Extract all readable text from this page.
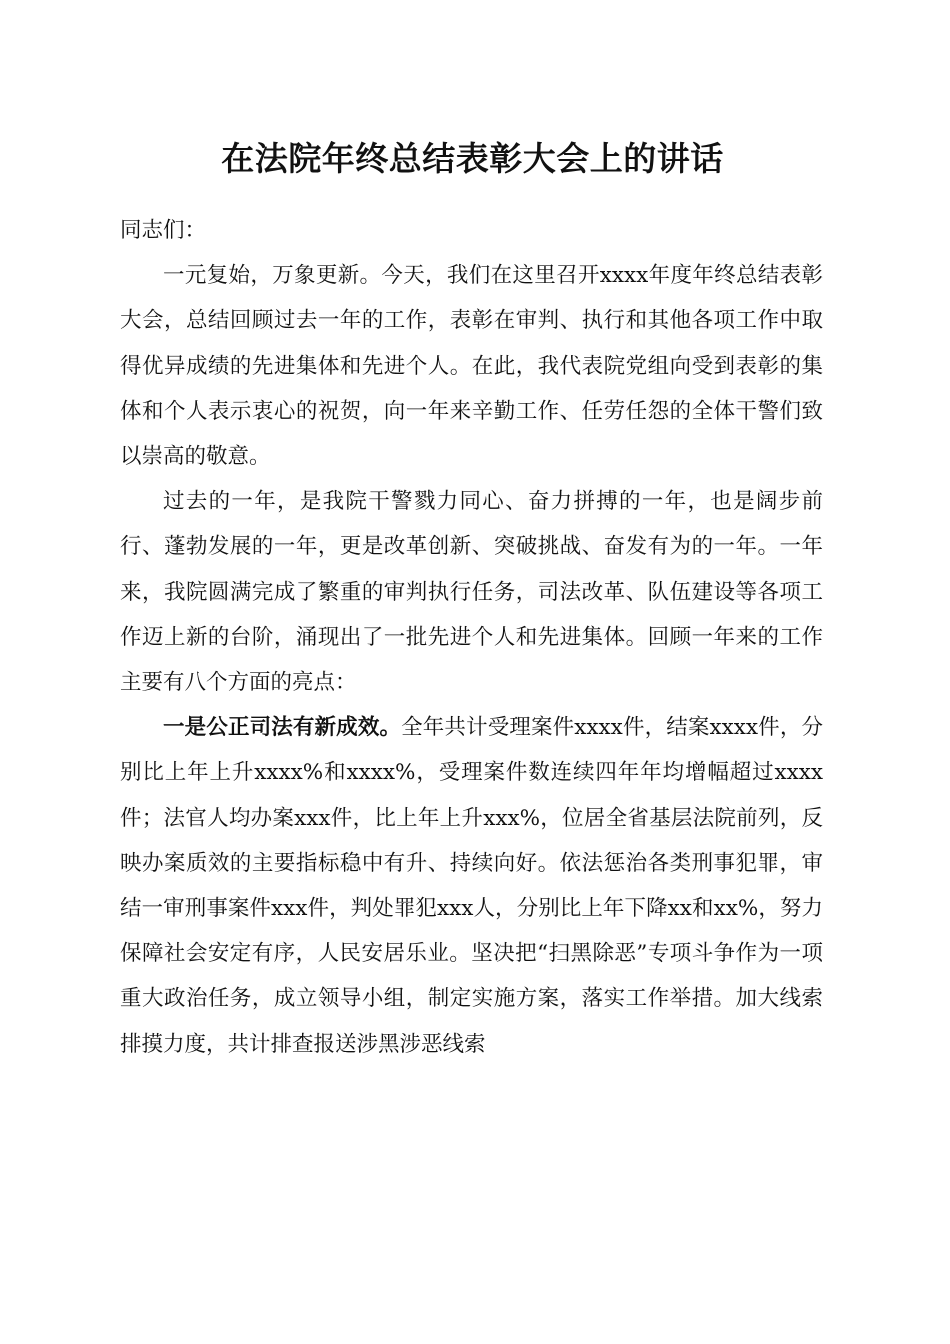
在法院年终总结表彰大会上的讲话

同志们：

一元复始，万象更新。今天，我们在这里召开xxxx年度年终总结表彰大会，总结回顾过去一年的工作，表彰在审判、执行和其他各项工作中取得优异成绩的先进集体和先进个人。在此，我代表院党组向受到表彰的集体和个人表示衷心的祝贺，向一年来辛勤工作、任劳任怨的全体干警们致以崇高的敬意。

过去的一年，是我院干警戮力同心、奋力拼搏的一年，也是阔步前行、蓬勃发展的一年，更是改革创新、突破挑战、奋发有为的一年。一年来，我院圆满完成了繁重的审判执行任务，司法改革、队伍建设等各项工作迈上新的台阶，涌现出了一批先进个人和先进集体。回顾一年来的工作主要有八个方面的亮点：

一是公正司法有新成效。全年共计受理案件xxxx件，结案xxxx件，分别比上年上升xxxx%和xxxx%，受理案件数连续四年年均增幅超过xxxx件；法官人均办案xxx件，比上年上升xxx%，位居全省基层法院前列，反映办案质效的主要指标稳中有升、持续向好。依法惩治各类刑事犯罪，审结一审刑事案件xxx件，判处罪犯xxx人，分别比上年下降xx和xx%，努力保障社会安定有序，人民安居乐业。坚决把“扫黑除恶”专项斗争作为一项重大政治任务，成立领导小组，制定实施方案，落实工作举措。加大线索排摸力度，共计排查报送涉黑涉恶线索
